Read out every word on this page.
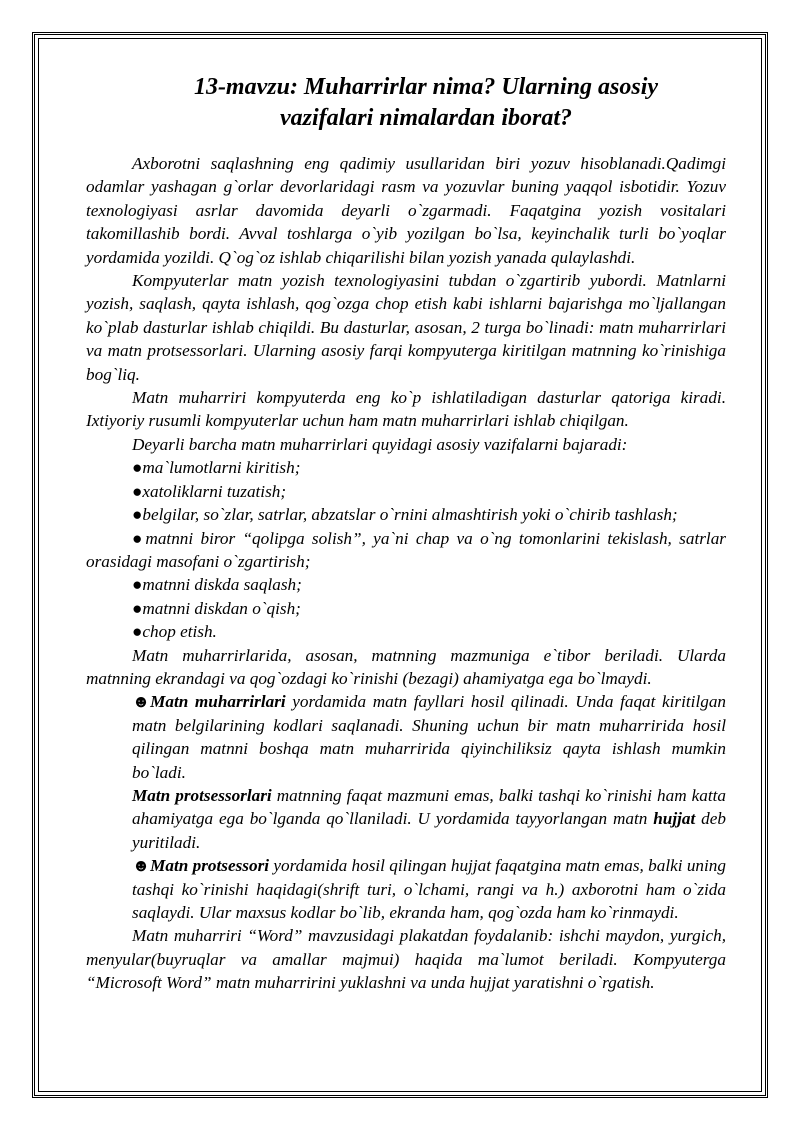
13-mavzu: Muharrirlar nima? Ularning asosiy
vazifalari nimalardan iborat?

Axborotni saqlashning eng qadimiy usullaridan biri yozuv hisoblanadi.Qadimgi odamlar yashagan g`orlar devorlaridagi rasm va yozuvlar buning yaqqol isbotidir. Yozuv texnologiyasi asrlar davomida deyarli o`zgarmadi. Faqatgina yozish vositalari takomillashib bordi. Avval toshlarga o`yib yozilgan bo`lsa, keyinchalik turli bo`yoqlar yordamida yozildi. Q`og`oz ishlab chiqarilishi bilan yozish yanada qulaylashdi.

Kompyuterlar matn yozish texnologiyasini tubdan o`zgartirib yubordi. Matnlarni yozish, saqlash, qayta ishlash, qog`ozga chop etish kabi ishlarni bajarishga mo`ljallangan ko`plab dasturlar ishlab chiqildi. Bu dasturlar, asosan, 2 turga bo`linadi: matn muharrirlari va matn protsessorlari. Ularning asosiy farqi kompyuterga kiritilgan matnning ko`rinishiga bog`liq.

Matn muharriri kompyuterda eng ko`p ishlatiladigan dasturlar qatoriga kiradi. Ixtiyoriy rusumli kompyuterlar uchun ham matn muharrirlari ishlab chiqilgan.

Deyarli barcha matn muharrirlari quyidagi asosiy vazifalarni bajaradi:

●ma`lumotlarni kiritish;

●xatoliklarni tuzatish;

●belgilar, so`zlar, satrlar, abzatslar o`rnini almashtirish yoki o`chirib tashlash;

●matnni biror “qolipga solish”, ya`ni chap va o`ng tomonlarini tekislash, satrlar orasidagi masofani o`zgartirish;

●matnni diskda saqlash;

●matnni diskdan o`qish;

●chop etish.

Matn muharrirlarida, asosan, matnning mazmuniga e`tibor beriladi. Ularda matnning ekrandagi va qog`ozdagi ko`rinishi (bezagi) ahamiyatga ega bo`lmaydi.

☻Matn muharrirlari yordamida matn fayllari hosil qilinadi. Unda faqat kiritilgan matn belgilarining kodlari saqlanadi. Shuning uchun bir matn muharririda hosil qilingan matnni boshqa matn muharririda qiyinchiliksiz qayta ishlash mumkin bo`ladi.

Matn protsessorlari matnning faqat mazmuni emas, balki tashqi ko`rinishi ham katta ahamiyatga ega bo`lganda qo`llaniladi. U yordamida tayyorlangan matn hujjat deb yuritiladi.

☻Matn protsessori yordamida hosil qilingan hujjat faqatgina matn emas, balki uning tashqi ko`rinishi haqidagi(shrift turi, o`lchami, rangi va h.) axborotni ham o`zida saqlaydi. Ular maxsus kodlar bo`lib, ekranda ham, qog`ozda ham ko`rinmaydi.

Matn muharriri “Word” mavzusidagi plakatdan foydalanib: ishchi maydon, yurgich, menyular(buyruqlar va amallar majmui) haqida ma`lumot beriladi. Kompyuterga “Microsoft Word” matn muharririni yuklashni va unda hujjat yaratishni o`rgatish.
